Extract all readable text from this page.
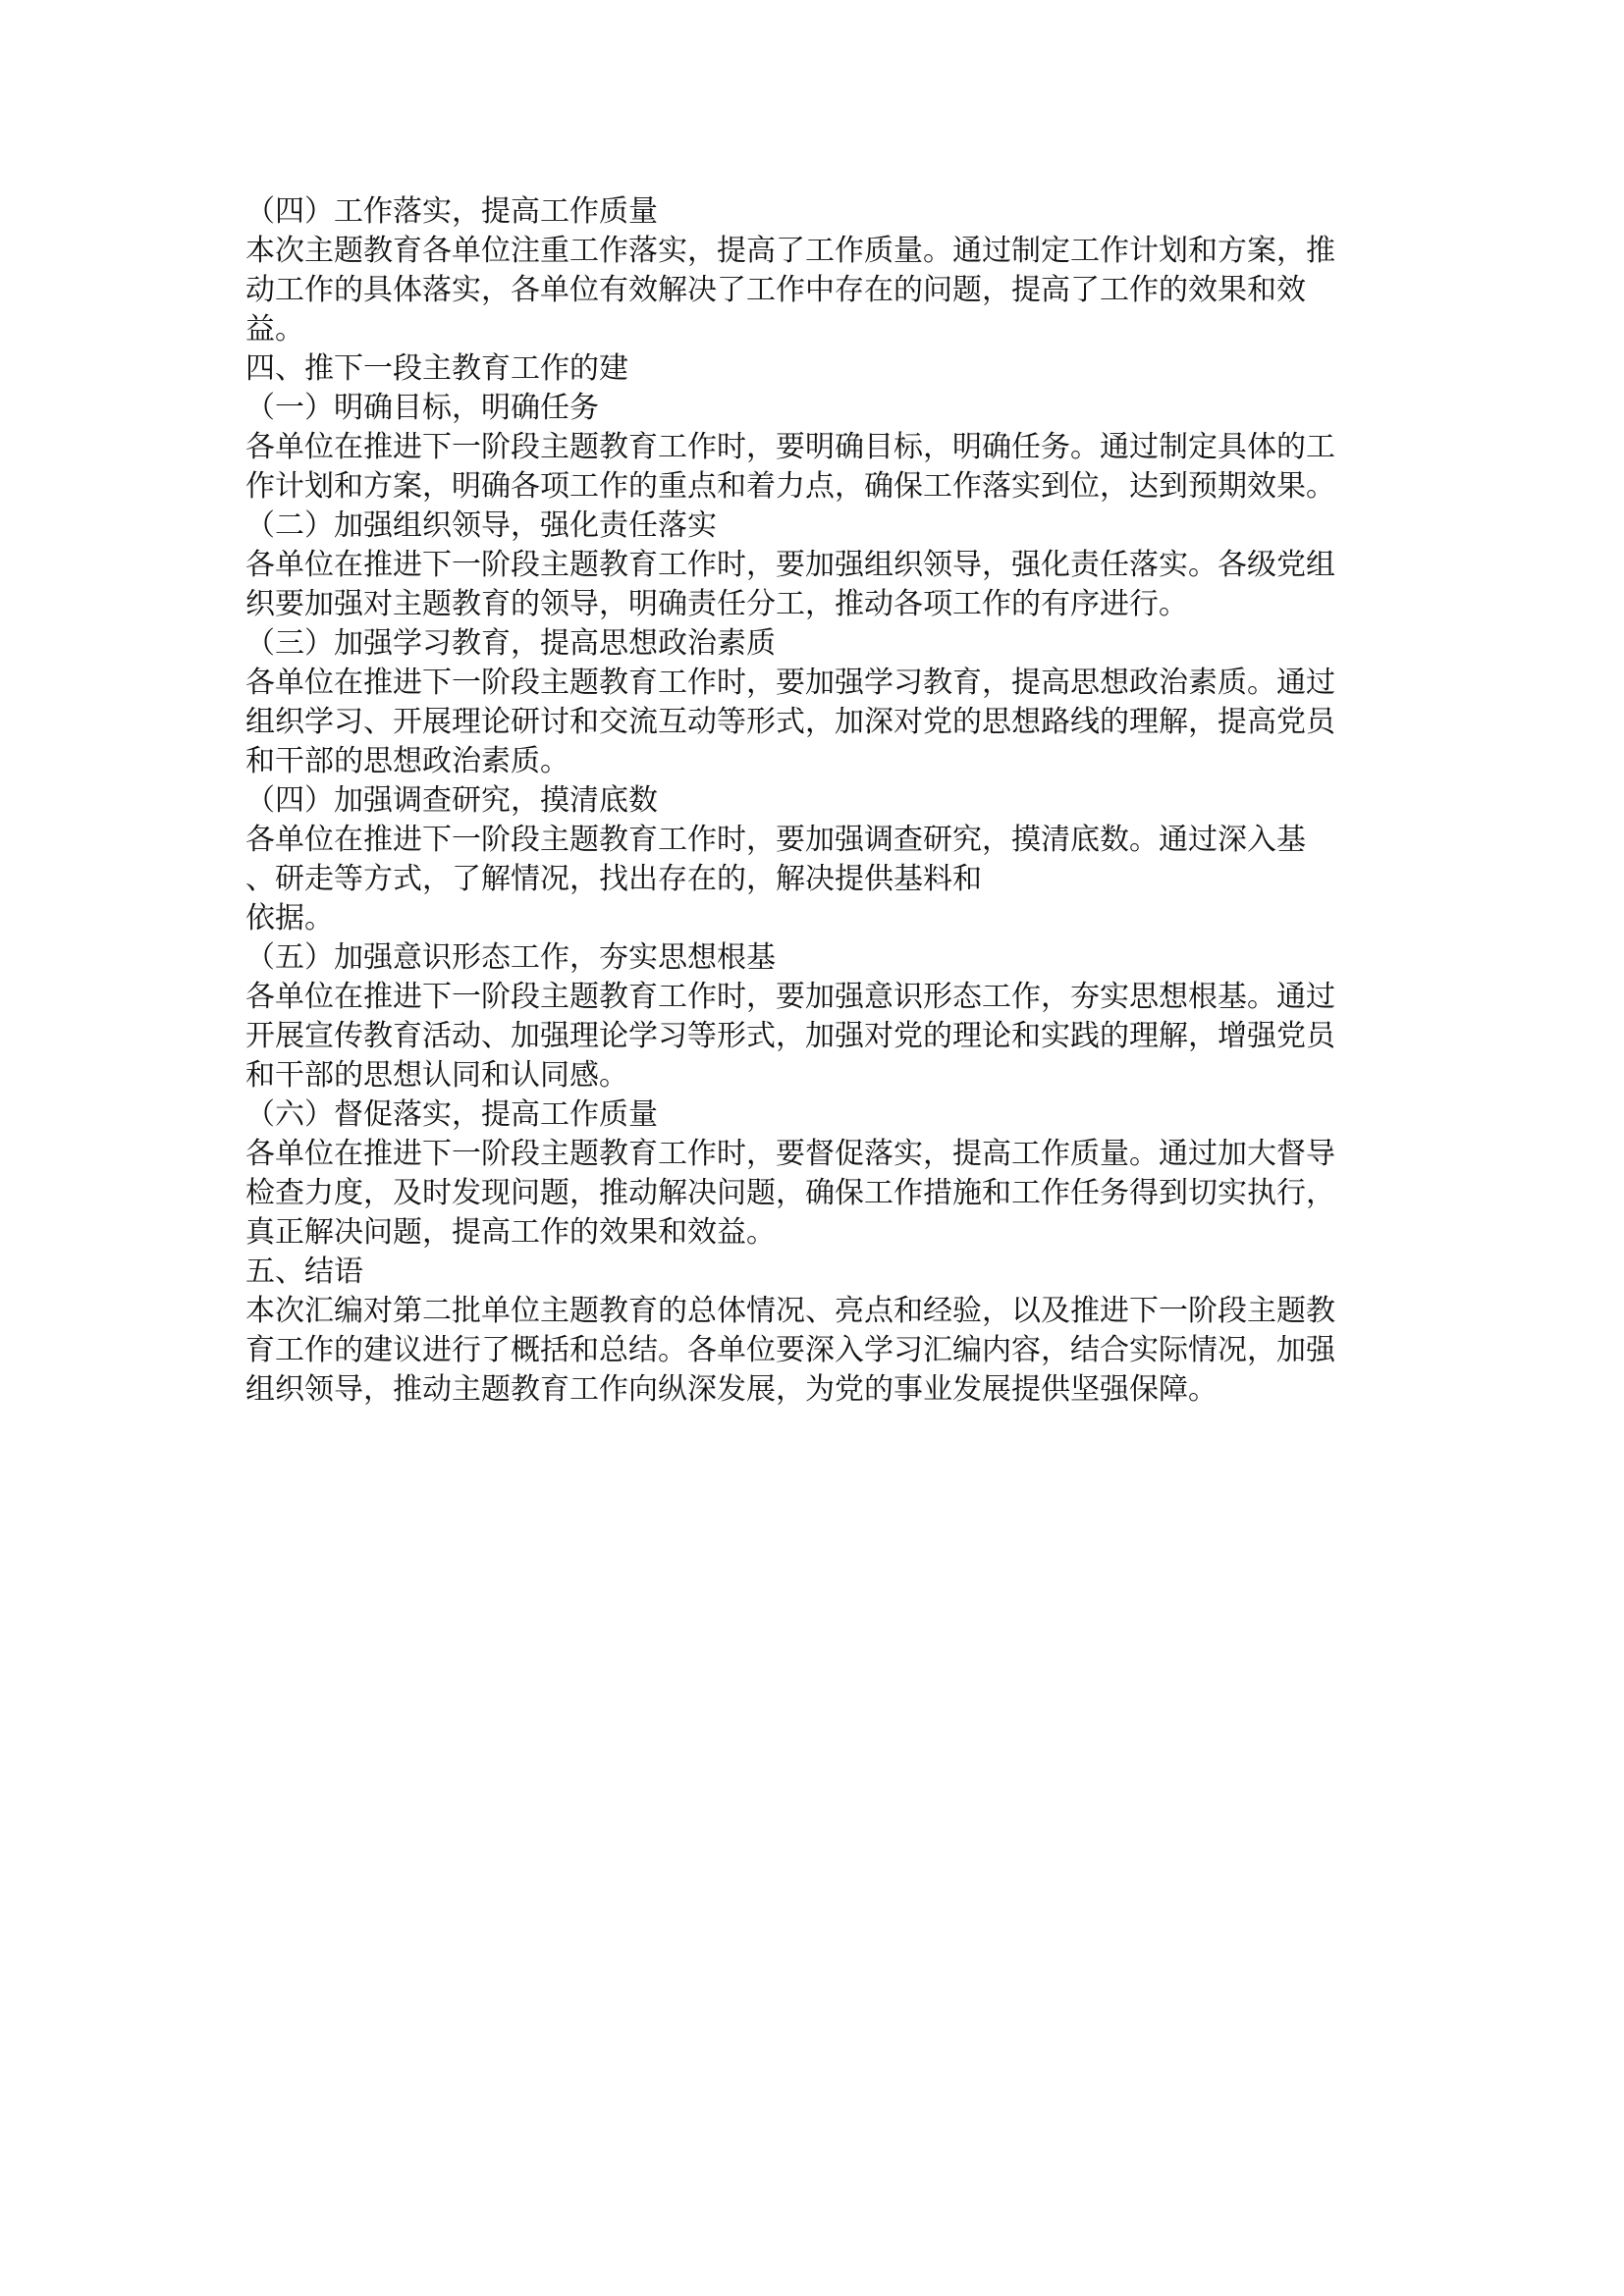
（四）工作落实，提高工作质量
本次主题教育各单位注重工作落实，提高了工作质量。通过制定工作计划和方案，推
动工作的具体落实，各单位有效解决了工作中存在的问题，提高了工作的效果和效
益。
四、推下一段主教育工作的建
（一）明确目标，明确任务
各单位在推进下一阶段主题教育工作时，要明确目标，明确任务。通过制定具体的工
作计划和方案，明确各项工作的重点和着力点，确保工作落实到位，达到预期效果。
（二）加强组织领导，强化责任落实
各单位在推进下一阶段主题教育工作时，要加强组织领导，强化责任落实。各级党组
织要加强对主题教育的领导，明确责任分工，推动各项工作的有序进行。
（三）加强学习教育，提高思想政治素质
各单位在推进下一阶段主题教育工作时，要加强学习教育，提高思想政治素质。通过
组织学习、开展理论研讨和交流互动等形式，加深对党的思想路线的理解，提高党员
和干部的思想政治素质。
（四）加强调查研究，摸清底数
各单位在推进下一阶段主题教育工作时，要加强调查研究，摸清底数。通过深入基
、研走等方式，了解情况，找出存在的，解决提供基料和
依据。
（五）加强意识形态工作，夯实思想根基
各单位在推进下一阶段主题教育工作时，要加强意识形态工作，夯实思想根基。通过
开展宣传教育活动、加强理论学习等形式，加强对党的理论和实践的理解，增强党员
和干部的思想认同和认同感。
（六）督促落实，提高工作质量
各单位在推进下一阶段主题教育工作时，要督促落实，提高工作质量。通过加大督导
检查力度，及时发现问题，推动解决问题，确保工作措施和工作任务得到切实执行，
真正解决问题，提高工作的效果和效益。
五、结语
本次汇编对第二批单位主题教育的总体情况、亮点和经验，以及推进下一阶段主题教
育工作的建议进行了概括和总结。各单位要深入学习汇编内容，结合实际情况，加强
组织领导，推动主题教育工作向纵深发展，为党的事业发展提供坚强保障。
